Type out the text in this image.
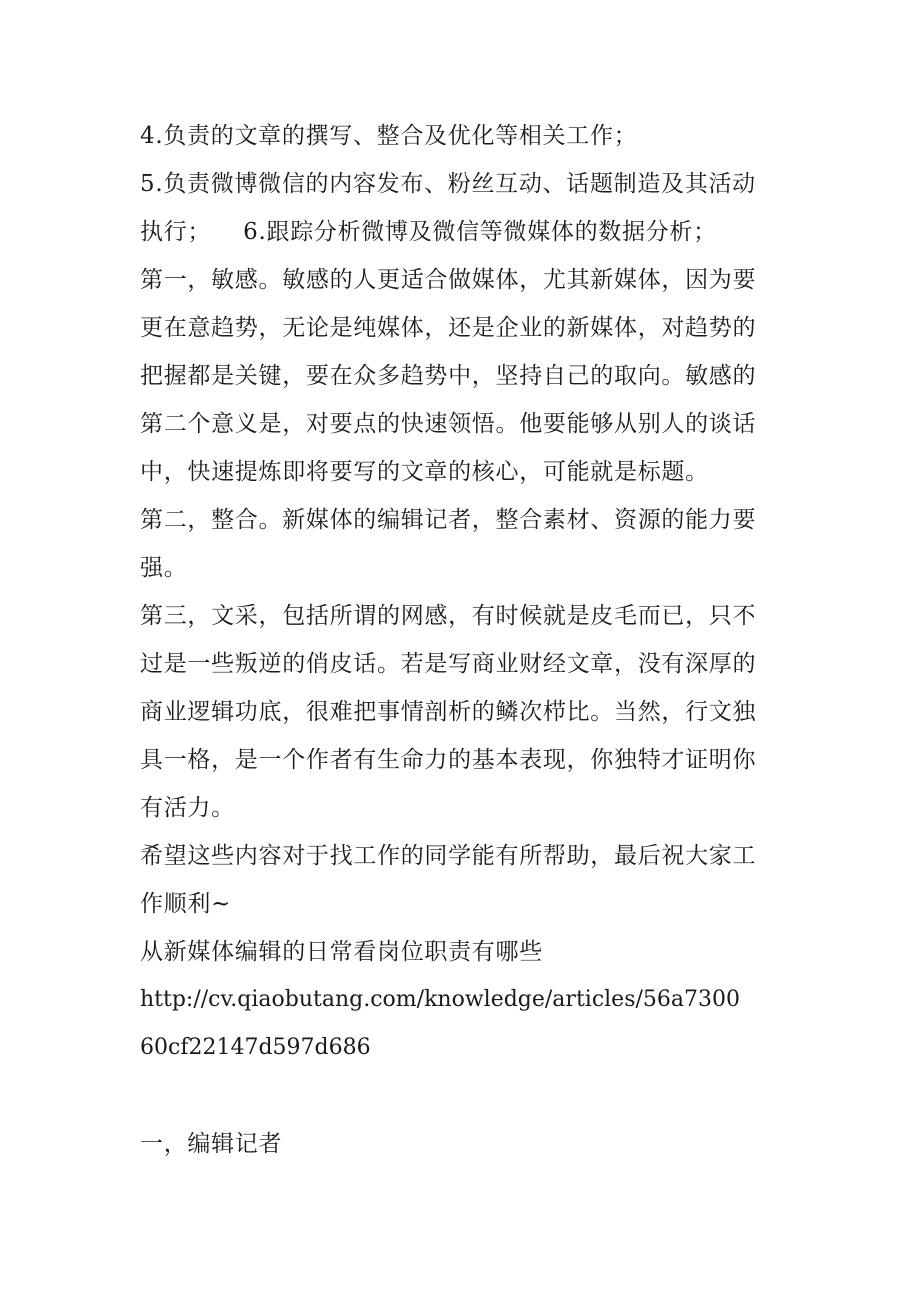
4.负责的文章的撰写、整合及优化等相关工作；
5.负责微博微信的内容发布、粉丝互动、话题制造及其活动
执行；    6.跟踪分析微博及微信等微媒体的数据分析；
第一，敏感。敏感的人更适合做媒体，尤其新媒体，因为要
更在意趋势，无论是纯媒体，还是企业的新媒体，对趋势的
把握都是关键，要在众多趋势中，坚持自己的取向。敏感的
第二个意义是，对要点的快速领悟。他要能够从别人的谈话
中，快速提炼即将要写的文章的核心，可能就是标题。
第二，整合。新媒体的编辑记者，整合素材、资源的能力要
强。
第三，文采，包括所谓的网感，有时候就是皮毛而已，只不
过是一些叛逆的俏皮话。若是写商业财经文章，没有深厚的
商业逻辑功底，很难把事情剖析的鳞次栉比。当然，行文独
具一格，是一个作者有生命力的基本表现，你独特才证明你
有活力。
希望这些内容对于找工作的同学能有所帮助，最后祝大家工
作顺利~
从新媒体编辑的日常看岗位职责有哪些
http://cv.qiaobutang.com/knowledge/articles/56a7300
60cf22147d597d686
一，编辑记者
